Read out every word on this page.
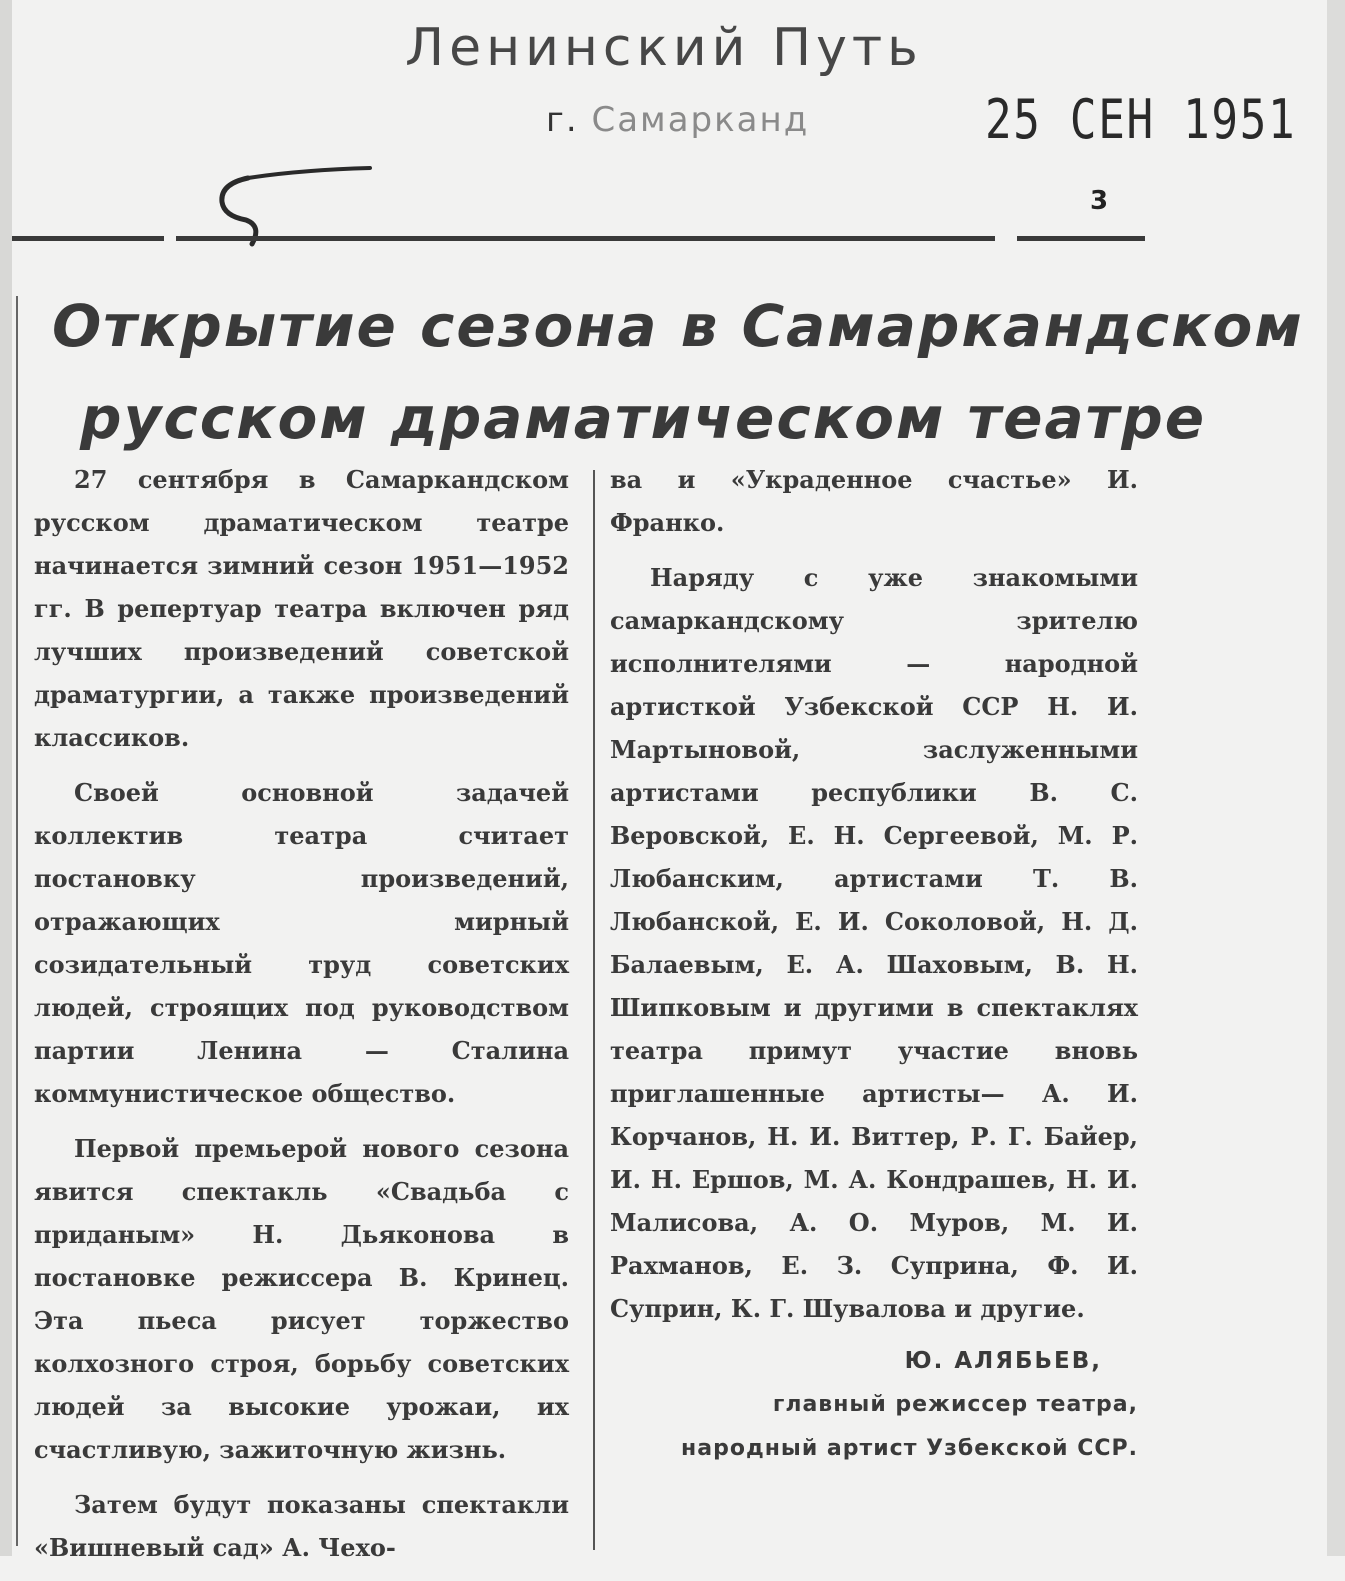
Ленинский Путь
г. Самарканд	25 СЕН 1951
3
Открытие сезона в Самаркандском
русском драматическом театре

27 сентября в Самаркандском русском драматическом театре начинается зимний сезон 1951—1952 гг. В репертуар театра включен ряд лучших произведений советской драматургии, а также произведений классиков.

Своей основной задачей коллектив театра считает постановку произведений, отражающих мирный созидательный труд советских людей, строящих под руководством партии Ленина — Сталина коммунистическое общество.

Первой премьерой нового сезона явится спектакль «Свадьба с приданым» Н. Дьяконова в постановке режиссера В. Кринец. Эта пьеса рисует торжество колхозного строя, борьбу советских людей за высокие урожаи, их счастливую, зажиточную жизнь.

Затем будут показаны спектакли «Вишневый сад» А. Чехо-

ва и «Украденное счастье» И. Франко.

Наряду с уже знакомыми самаркандскому зрителю исполнителями — народной артисткой Узбекской ССР Н. И. Мартыновой, заслуженными артистами республики В. С. Веровской, Е. Н. Сергеевой, М. Р. Любанским, артистами Т. В. Любанской, Е. И. Соколовой, Н. Д. Балаевым, Е. А. Шаховым, В. Н. Шипковым и другими в спектаклях театра примут участие вновь приглашенные артисты— А. И. Корчанов, Н. И. Виттер, Р. Г. Байер, И. Н. Ершов, М. А. Кондрашев, Н. И. Малисова, А. О. Муров, М. И. Рахманов, Е. З. Суприна, Ф. И. Суприн, К. Г. Шувалова и другие.

Ю. АЛЯБЬЕВ,
главный режиссер театра, народный артист Узбекской ССР.
